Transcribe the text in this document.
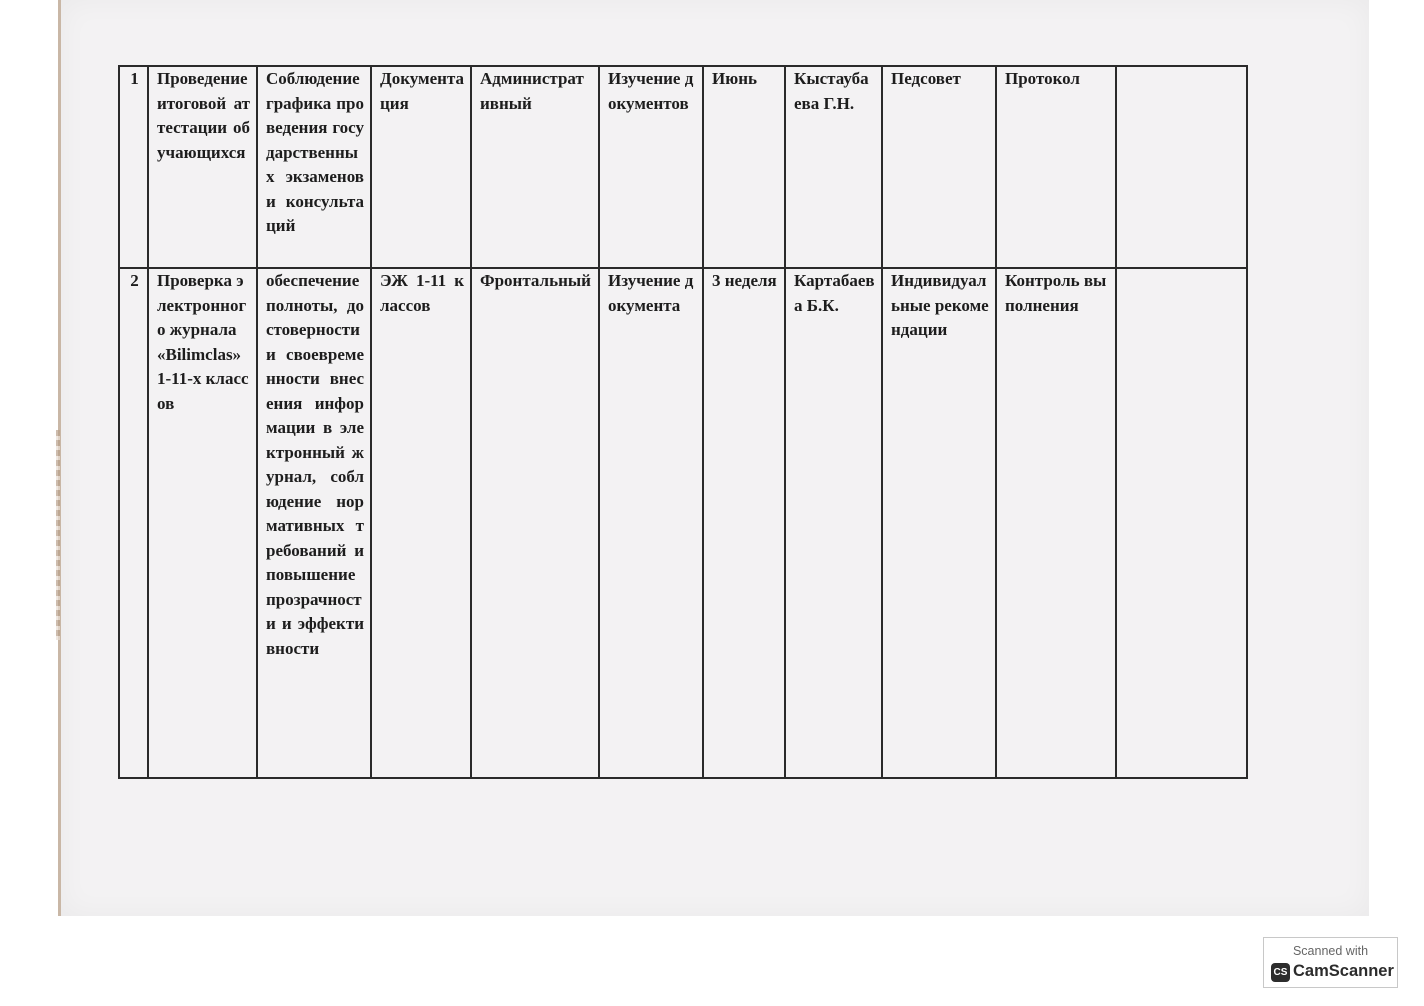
1	Проведение итоговой аттестации обучающихся	Соблюдение графика проведения государственных экзаменов и консультаций	Документация	Административный	Изучение документов	Июнь	Кыстаубаева Г.Н.	Педсовет	Протокол	
2	Проверка электронного журнала «Bilimclas» 1-11-х классов	обеспечение полноты, достоверности и своевременности внесения информации в электронный журнал, соблюдение нормативных требований и повышение прозрачности и эффективности	ЭЖ 1-11 классов	Фронтальный	Изучение документа	3 неделя	Картабаева Б.К.	Индивидуальные рекомендации	Контроль выполнения	
Scanned with
CS CamScanner
